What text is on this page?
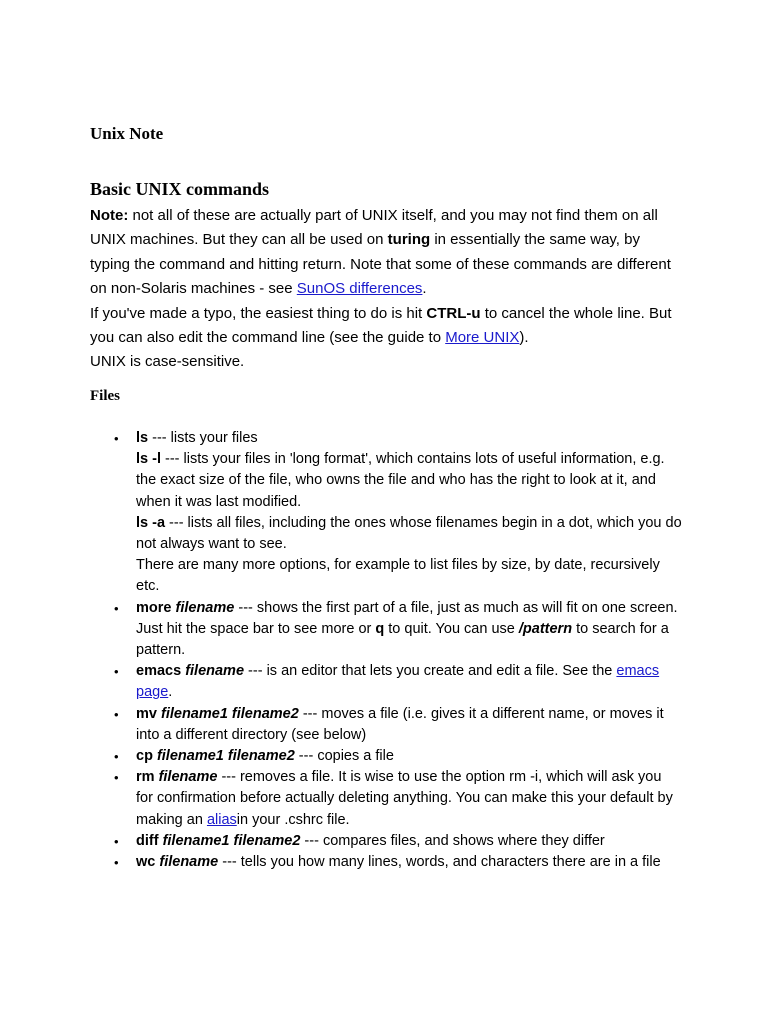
Unix Note
Basic UNIX commands

Note: not all of these are actually part of UNIX itself, and you may not find them on all UNIX machines. But they can all be used on turing in essentially the same way, by typing the command and hitting return. Note that some of these commands are different on non-Solaris machines - see SunOS differences.

If you've made a typo, the easiest thing to do is hit CTRL-u to cancel the whole line. But you can also edit the command line (see the guide to More UNIX).

UNIX is case-sensitive.

Files
• ls --- lists your files
ls -l --- lists your files in 'long format', which contains lots of useful information, e.g. the exact size of the file, who owns the file and who has the right to look at it, and when it was last modified.
ls -a --- lists all files, including the ones whose filenames begin in a dot, which you do not always want to see.
There are many more options, for example to list files by size, by date, recursively etc.
• more filename --- shows the first part of a file, just as much as will fit on one screen. Just hit the space bar to see more or q to quit. You can use /pattern to search for a pattern.
• emacs filename --- is an editor that lets you create and edit a file. See the emacs page.
• mv filename1 filename2 --- moves a file (i.e. gives it a different name, or moves it into a different directory (see below)
• cp filename1 filename2 --- copies a file
• rm filename --- removes a file. It is wise to use the option rm -i, which will ask you for confirmation before actually deleting anything. You can make this your default by making an aliasin your .cshrc file.
• diff filename1 filename2 --- compares files, and shows where they differ
• wc filename --- tells you how many lines, words, and characters there are in a file
